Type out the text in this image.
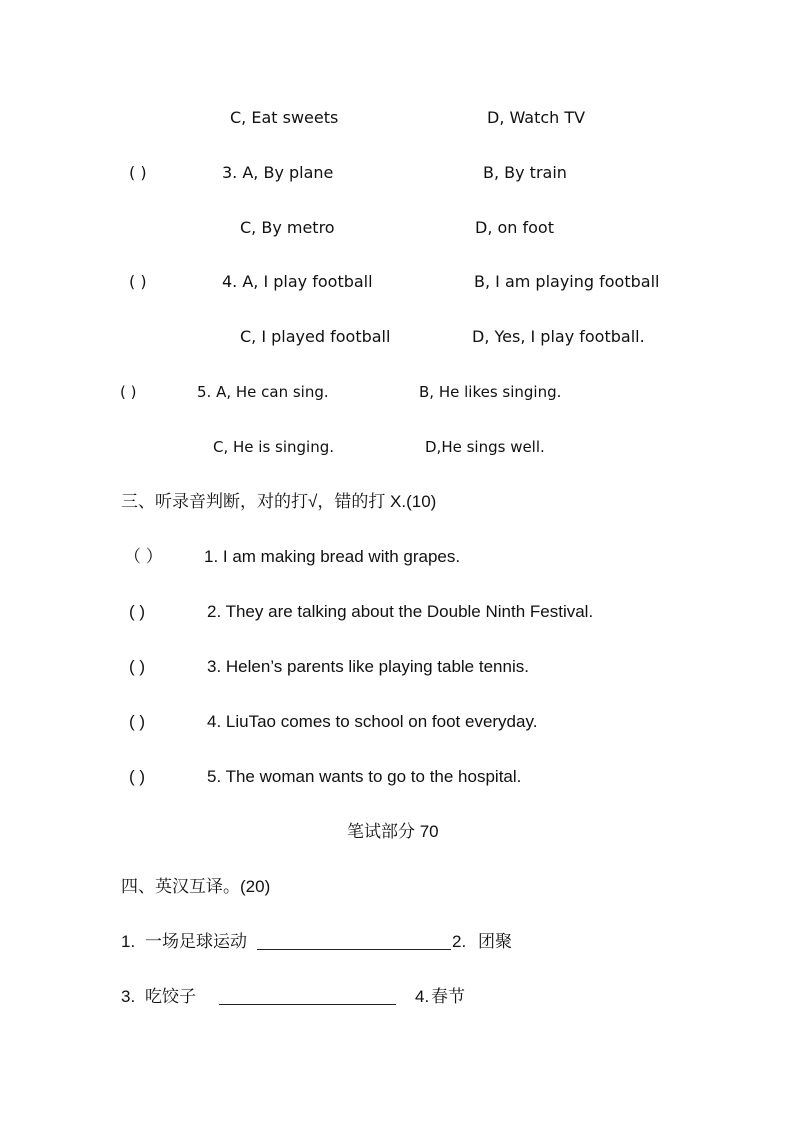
C, Eat sweets	D, Watch TV
( )	3. A, By plane	B, By train
C, By metro	D, on foot
( )	4. A, I play football	B, I am playing football
C, I played football	D, Yes, I play football.
( )	5. A, He can sing.	B, He likes singing.
C, He is singing.	D,He sings well.
三、听录音判断，对的打√，错的打 X.(10)
（ ） 1. I am making bread with grapes.
( )	2. They are talking about the Double Ninth Festival.
( )	3. Helen’s parents like playing table tennis.
( )	4. LiuTao comes to school on foot everyday.
( )	5. The woman wants to go to the hospital.
笔试部分 70
四、英汉互译。(20)
1. 一场足球运动	2. 团聚
3. 吃饺子	4. 春节
